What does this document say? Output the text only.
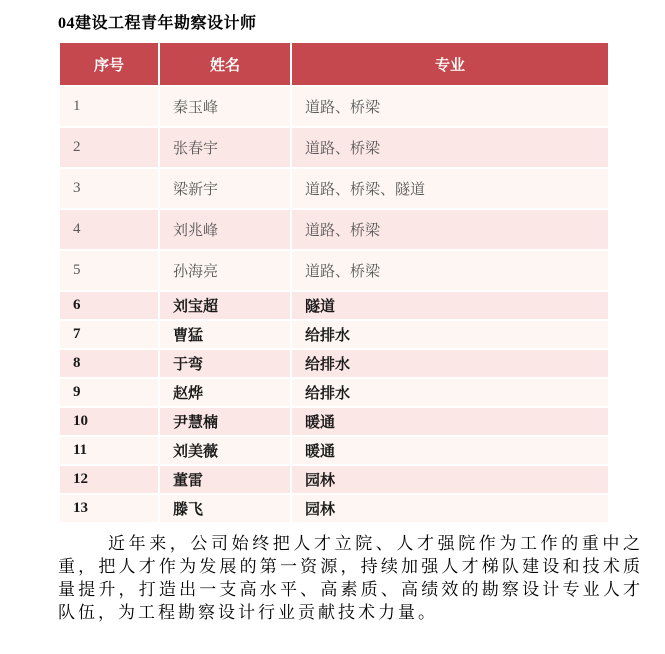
04建设工程青年勘察设计师
序号	姓名	专业
1	秦玉峰	道路、桥梁
2	张春宇	道路、桥梁
3	梁新宇	道路、桥梁、隧道
4	刘兆峰	道路、桥梁
5	孙海亮	道路、桥梁
6	刘宝超	隧道
7	曹猛	给排水
8	于弯	给排水
9	赵烨	给排水
10	尹慧楠	暖通
11	刘美薇	暖通
12	董雷	园林
13	滕飞	园林

近年来，公司始终把人才立院、人才强院作为工作的重中之重，把人才作为发展的第一资源，持续加强人才梯队建设和技术质量提升，打造出一支高水平、高素质、高绩效的勘察设计专业人才队伍，为工程勘察设计行业贡献技术力量。
